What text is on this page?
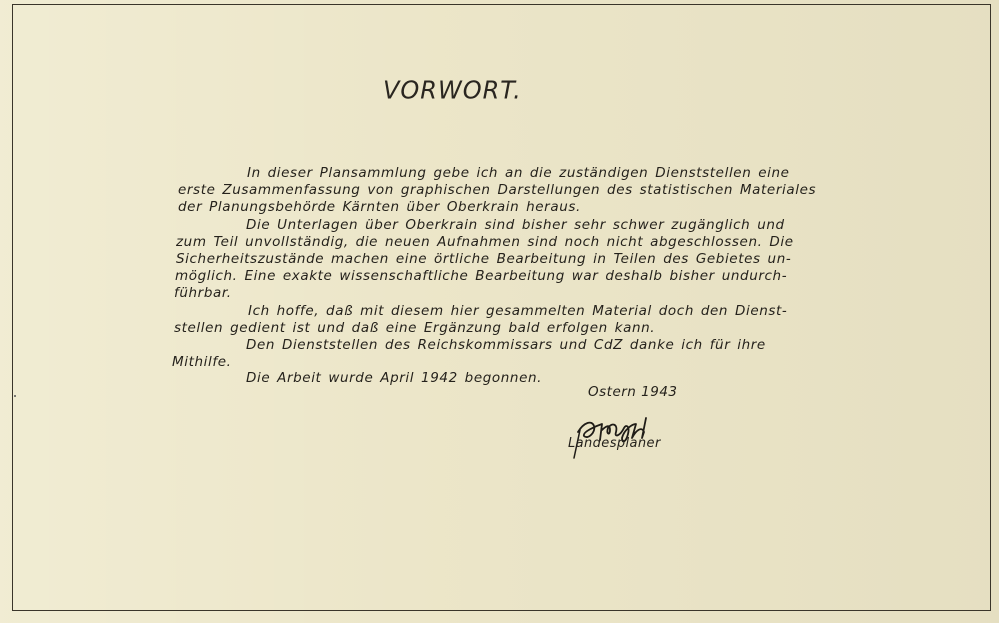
VORWORT.
In dieser Plansammlung gebe ich an die zuständigen Dienststellen eine
erste Zusammenfassung von graphischen Darstellungen des statistischen Materiales
der Planungsbehörde Kärnten über Oberkrain heraus.
Die Unterlagen über Oberkrain sind bisher sehr schwer zugänglich und
zum Teil unvollständig, die neuen Aufnahmen sind noch nicht abgeschlossen. Die
Sicherheitszustände machen eine örtliche Bearbeitung in Teilen des Gebietes un-
möglich. Eine exakte wissenschaftliche Bearbeitung war deshalb bisher undurch-
führbar.
Ich hoffe, daß mit diesem hier gesammelten Material doch den Dienst-
stellen gedient ist und daß eine Ergänzung bald erfolgen kann.
Den Dienststellen des Reichskommissars und CdZ danke ich für ihre
Mithilfe.
Die Arbeit wurde April 1942 begonnen.
Ostern 1943
Landesplaner
